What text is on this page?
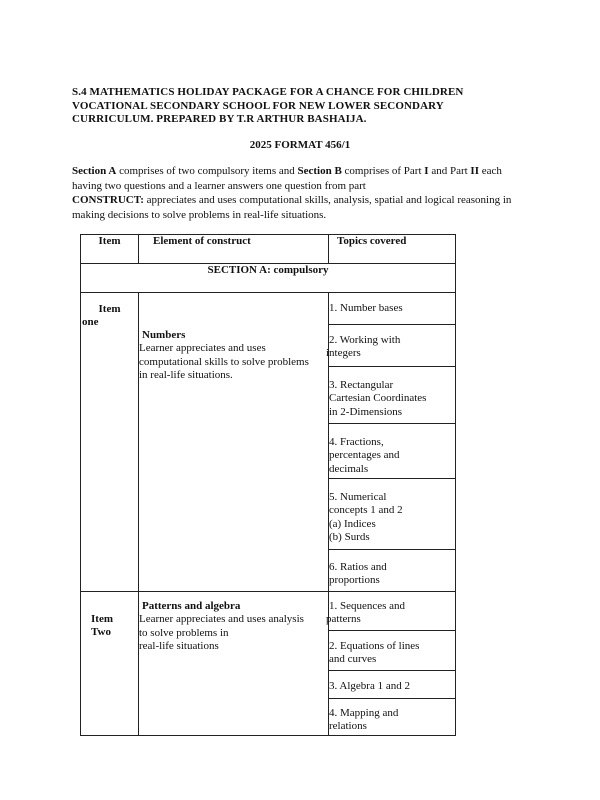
S.4 MATHEMATICS HOLIDAY PACKAGE FOR A CHANCE FOR CHILDREN
VOCATIONAL SECONDARY SCHOOL FOR NEW LOWER SECONDARY
CURRICULUM. PREPARED BY T.R ARTHUR BASHAIJA.
2025 FORMAT 456/1
Section A comprises of two compulsory items and Section B comprises of Part I and Part II each
having two questions and a learner answers one question from part
CONSTRUCT: appreciates and uses computational skills, analysis, spatial and logical reasoning in
making decisions to solve problems in real-life situations.
Item	Element of construct	Topics covered
SECTION A: compulsory		

Item
one	Numbers
Learner appreciates and uses
computational skills to solve problems
in real-life situations.	1. Number bases

		2. Working with
integers

		3. Rectangular
Cartesian Coordinates
in 2-Dimensions

		4. Fractions,
percentages and
decimals

		5. Numerical
concepts 1 and 2
(a) Indices
(b) Surds

		6. Ratios and
proportions

Item
Two	Patterns and algebra
Learner appreciates and uses analysis
to solve problems in
real-life situations	1. Sequences and
patterns

		2. Equations of lines
and curves

		3. Algebra 1 and 2

		4. Mapping and
relations
